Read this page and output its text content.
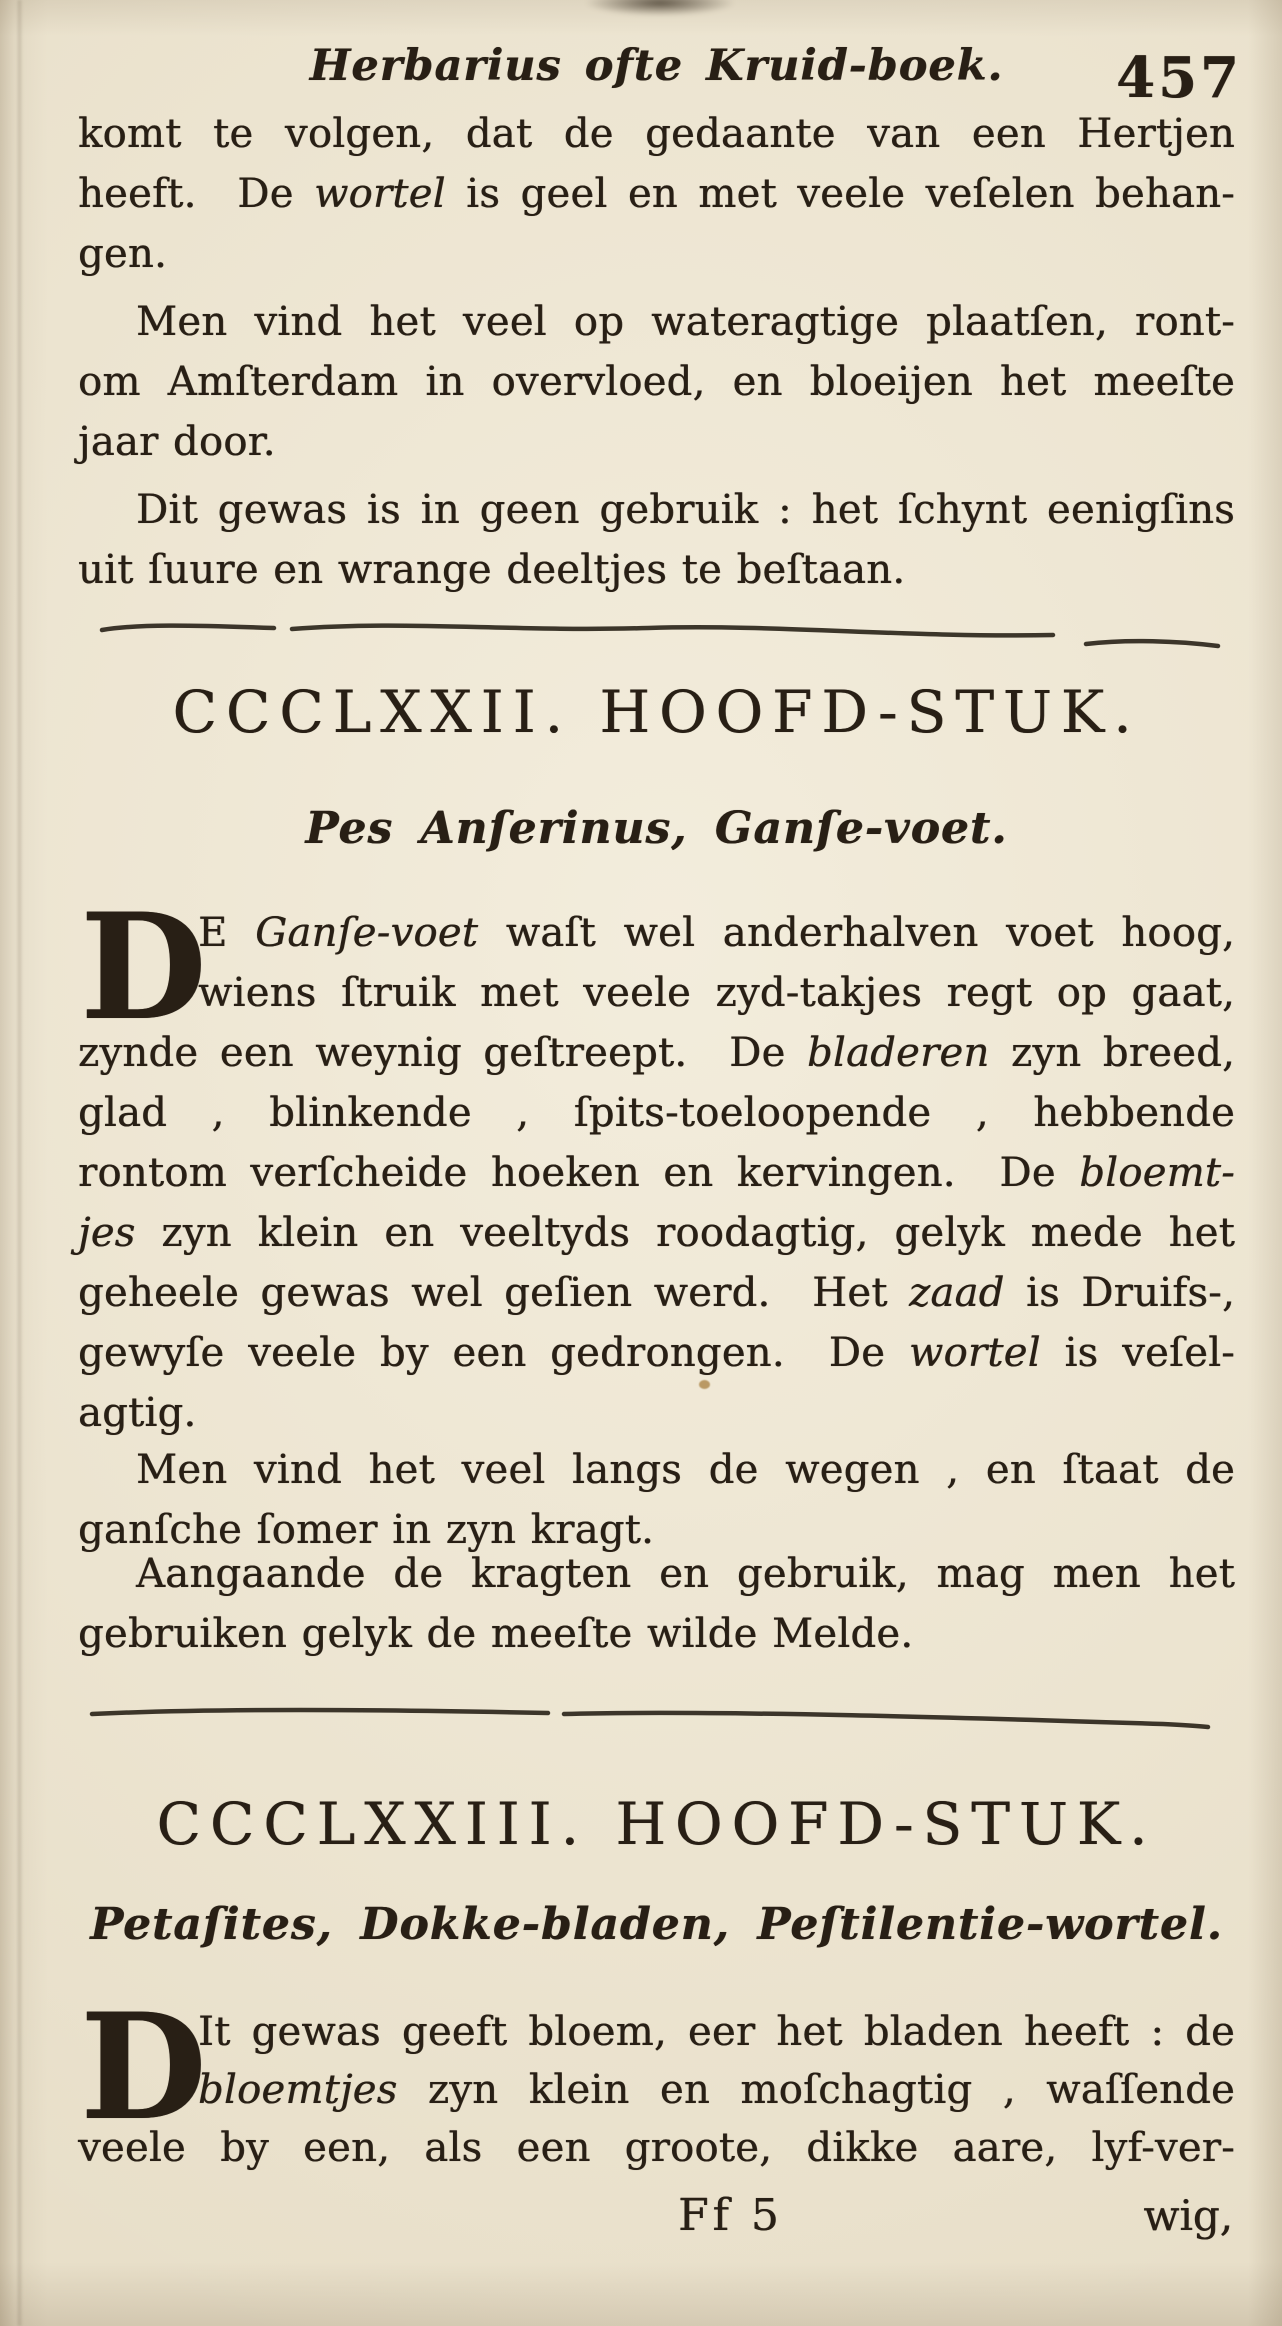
Herbarius ofte Kruid-boek.	457
komt te volgen, dat de gedaante van een Hertjen
heeft.  De wortel is geel en met veele veſelen behan-
gen.
Men vind het veel op wateragtige plaatſen, ront-
om Amſterdam in overvloed, en bloeijen het meeſte
jaar door.
Dit gewas is in geen gebruik : het ſchynt eenigſins
uit ſuure en wrange deeltjes te beſtaan.
CCCLXXII. HOOFD-STUK.
Pes Anſerinus, Ganſe-voet.
D
E Ganſe-voet waſt wel anderhalven voet hoog,
wiens ſtruik met veele zyd-takjes regt op gaat,
zynde een weynig geſtreept.  De bladeren zyn breed,
glad , blinkende , ſpits-toeloopende , hebbende
rontom verſcheide hoeken en kervingen.  De bloemt-
jes zyn klein en veeltyds roodagtig, gelyk mede het
geheele gewas wel geſien werd.  Het zaad is Druifs-,
gewyſe veele by een gedrongen.  De wortel is veſel-
agtig.
Men vind het veel langs de wegen , en ſtaat de
ganſche ſomer in zyn kragt.
Aangaande de kragten en gebruik, mag men het
gebruiken gelyk de meeſte wilde Melde.
CCCLXXIII. HOOFD-STUK.
Petaſites, Dokke-bladen, Peſtilentie-wortel.
D
It gewas geeft bloem, eer het bladen heeft : de
bloemtjes zyn klein en moſchagtig , waſſende
veele by een, als een groote, dikke aare, lyf-ver-
Ff 5	wig,
